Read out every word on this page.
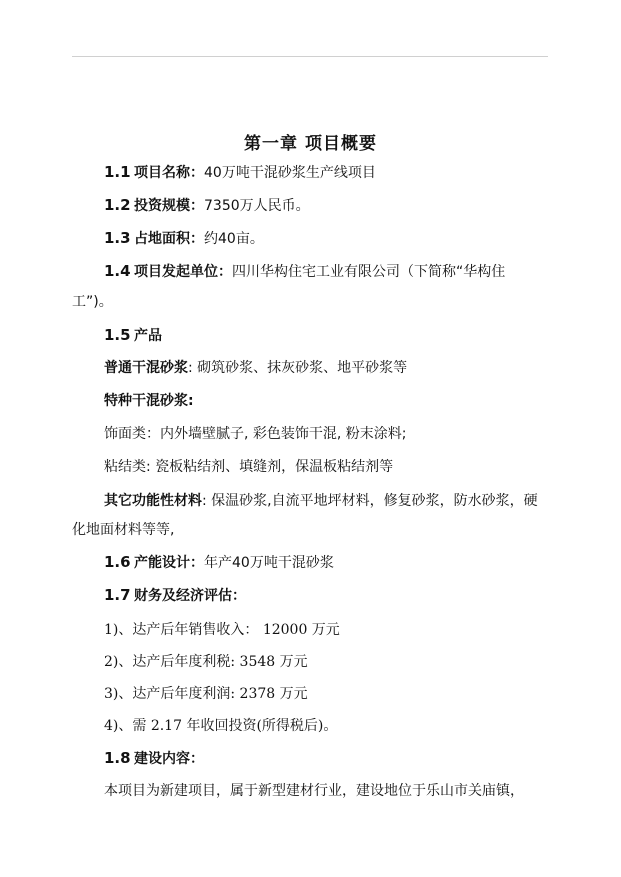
第一章 项目概要
1.1 项目名称：40万吨干混砂浆生产线项目
1.2 投资规模：7350万人民币。
1.3 占地面积：约40亩。
1.4 项目发起单位：四川华构住宅工业有限公司（下简称“华构住
工”)。
1.5 产品
普通干混砂浆: 砌筑砂浆、抹灰砂浆、地平砂浆等
特种干混砂浆:
饰面类：内外墙壁腻子, 彩色装饰干混, 粉末涂料;
粘结类: 瓷板粘结剂、填缝剂，保温板粘结剂等
其它功能性材料: 保温砂浆,自流平地坪材料，修复砂浆，防水砂浆，硬
化地面材料等等,
1.6 产能设计：年产40万吨干混砂浆
1.7 财务及经济评估：
1)、达产后年销售收入： 12000 万元
2)、达产后年度利税: 3548 万元
3)、达产后年度利润: 2378 万元
4)、需 2.17 年收回投资(所得税后)。
1.8 建设内容：
本项目为新建项目，属于新型建材行业，建设地位于乐山市关庙镇，
